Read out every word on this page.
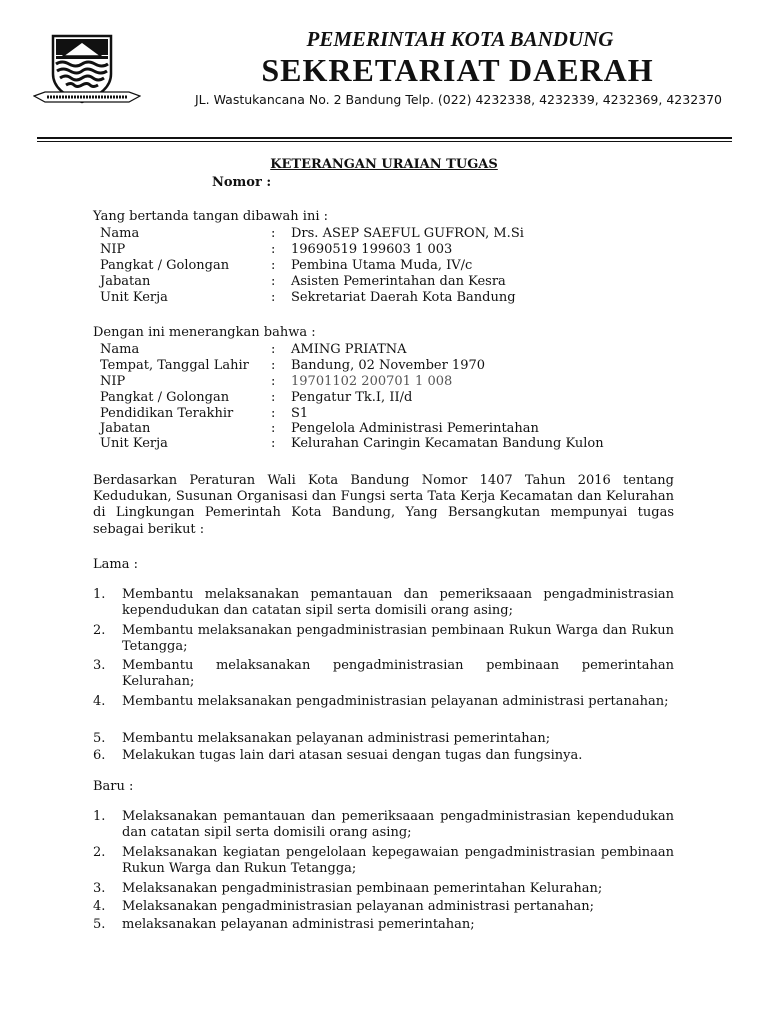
PEMERINTAH KOTA BANDUNG
SEKRETARIAT DAERAH
JL. Wastukancana No. 2 Bandung Telp. (022) 4232338, 4232339, 4232369, 4232370
KETERANGAN URAIAN TUGAS
Nomor :
Yang bertanda tangan dibawah ini :
Nama	: Drs. ASEP SAEFUL GUFRON, M.Si
NIP	: 19690519 199603 1 003
Pangkat / Golongan	: Pembina Utama Muda, IV/c
Jabatan	: Asisten Pemerintahan dan Kesra
Unit Kerja	: Sekretariat Daerah Kota Bandung
Dengan ini menerangkan bahwa :
Nama	: AMING PRIATNA
Tempat, Tanggal Lahir : Bandung, 02 November 1970
NIP	: 19701102 200701 1 008
Pangkat / Golongan	: Pengatur Tk.I, II/d
Pendidikan Terakhir	: S1
Jabatan	: Pengelola Administrasi Pemerintahan
Unit Kerja	: Kelurahan Caringin Kecamatan Bandung Kulon
Berdasarkan Peraturan Wali Kota Bandung Nomor 1407 Tahun 2016 tentang Kedudukan, Susunan Organisasi dan Fungsi serta Tata Kerja Kecamatan dan Kelurahan di Lingkungan Pemerintah Kota Bandung, Yang Bersangkutan mempunyai tugas sebagai berikut :
Lama :
1. Membantu melaksanakan pemantauan dan pemeriksaaan pengadministrasian kependudukan dan catatan sipil serta domisili orang asing;
2. Membantu melaksanakan pengadministrasian pembinaan Rukun Warga dan Rukun Tetangga;
3. Membantu melaksanakan pengadministrasian pembinaan pemerintahan Kelurahan;
4. Membantu melaksanakan pengadministrasian pelayanan administrasi pertanahan;
5. Membantu melaksanakan pelayanan administrasi pemerintahan;
6. Melakukan tugas lain dari atasan sesuai dengan tugas dan fungsinya.
Baru :
1. Melaksanakan pemantauan dan pemeriksaaan pengadministrasian kependudukan dan catatan sipil serta domisili orang asing;
2. Melaksanakan kegiatan pengelolaan kepegawaian pengadministrasian pembinaan Rukun Warga dan Rukun Tetangga;
3. Melaksanakan pengadministrasian pembinaan pemerintahan Kelurahan;
4. Melaksanakan pengadministrasian pelayanan administrasi pertanahan;
5. melaksanakan pelayanan administrasi pemerintahan;
